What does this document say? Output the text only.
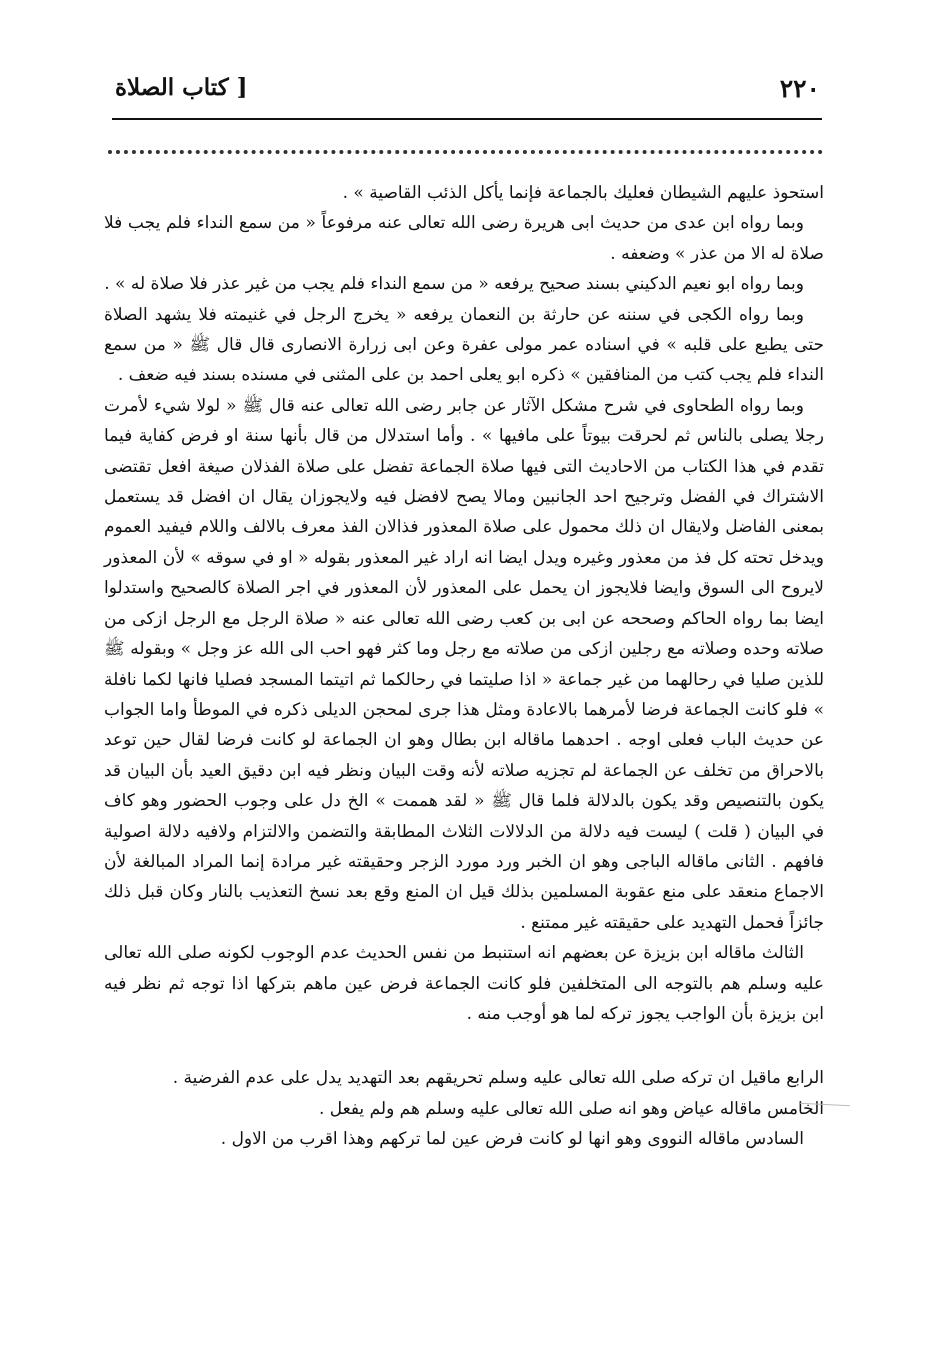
٢٢٠
[ كتاب الصلاة

استحوذ عليهم الشيطان فعليك بالجماعة فإنما يأكل الذئب القاصية » .

وبما رواه ابن عدى من حديث ابى هريرة رضى الله تعالى عنه مرفوعاً « من سمع النداء فلم يجب فلا صلاة له الا من عذر » وضعفه .

وبما رواه ابو نعيم الدكيني بسند صحيح يرفعه « من سمع النداء فلم يجب من غير عذر فلا صلاة له » .

وبما رواه الكجى في سننه عن حارثة بن النعمان يرفعه « يخرج الرجل في غنيمته فلا يشهد الصلاة حتى يطبع على قلبه » في اسناده عمر مولى عفرة وعن ابى زرارة الانصارى قال قال ﷺ « من سمع النداء فلم يجب كتب من المنافقين » ذكره ابو يعلى احمد بن على المثنى في مسنده بسند فيه ضعف .

وبما رواه الطحاوى في شرح مشكل الآثار عن جابر رضى الله تعالى عنه قال ﷺ « لولا شيء لأمرت رجلا يصلى بالناس ثم لحرقت بيوتاً على مافيها » . وأما استدلال من قال بأنها سنة او فرض كفاية فيما تقدم في هذا الكتاب من الاحاديث التى فيها صلاة الجماعة تفضل على صلاة الفذلان صيغة افعل تقتضى الاشتراك في الفضل وترجيح احد الجانبين ومالا يصح لافضل فيه ولايجوزان يقال ان افضل قد يستعمل بمعنى الفاضل ولايقال ان ذلك محمول على صلاة المعذور فذالان الفذ معرف بالالف واللام فيفيد العموم ويدخل تحته كل فذ من معذور وغيره ويدل ايضا انه اراد غير المعذور بقوله « او في سوقه » لأن المعذور لايروح الى السوق وايضا فلايجوز ان يحمل على المعذور لأن المعذور في اجر الصلاة كالصحيح واستدلوا ايضا بما رواه الحاكم وصححه عن ابى بن كعب رضى الله تعالى عنه « صلاة الرجل مع الرجل ازكى من صلاته وحده وصلاته مع رجلين ازكى من صلاته مع رجل وما كثر فهو احب الى الله عز وجل » وبقوله ﷺ للذين صليا في رحالهما من غير جماعة « اذا صليتما في رحالكما ثم اتيتما المسجد فصليا فانها لكما نافلة » فلو كانت الجماعة فرضا لأمرهما بالاعادة ومثل هذا جرى لمحجن الديلى ذكره في الموطأ واما الجواب عن حديث الباب فعلى اوجه . احدهما ماقاله ابن بطال وهو ان الجماعة لو كانت فرضا لقال حين توعد بالاحراق من تخلف عن الجماعة لم تجزيه صلاته لأنه وقت البيان ونظر فيه ابن دقيق العيد بأن البيان قد يكون بالتنصيص وقد يكون بالدلالة فلما قال ﷺ « لقد هممت » الخ دل على وجوب الحضور وهو كاف في البيان ( قلت ) ليست فيه دلالة من الدلالات الثلاث المطابقة والتضمن والالتزام ولافيه دلالة اصولية فافهم . الثانى ماقاله الباجى وهو ان الخبر ورد مورد الزجر وحقيقته غير مرادة إنما المراد المبالغة لأن الاجماع منعقد على منع عقوبة المسلمين بذلك قيل ان المنع وقع بعد نسخ التعذيب بالنار وكان قبل ذلك جائزاً فحمل التهديد على حقيقته غير ممتنع .

الثالث ماقاله ابن بزيزة عن بعضهم انه استنبط من نفس الحديث عدم الوجوب لكونه صلى الله تعالى عليه وسلم هم بالتوجه الى المتخلفين فلو كانت الجماعة فرض عين ماهم بتركها اذا توجه ثم نظر فيه ابن بزيزة بأن الواجب يجوز تركه لما هو أوجب منه .

الرابع ماقيل ان تركه صلى الله تعالى عليه وسلم تحريقهم بعد التهديد يدل على عدم الفرضية .

الخامس ماقاله عياض وهو انه صلى الله تعالى عليه وسلم هم ولم يفعل .

السادس ماقاله النووى وهو انها لو كانت فرض عين لما تركهم وهذا اقرب من الاول .
